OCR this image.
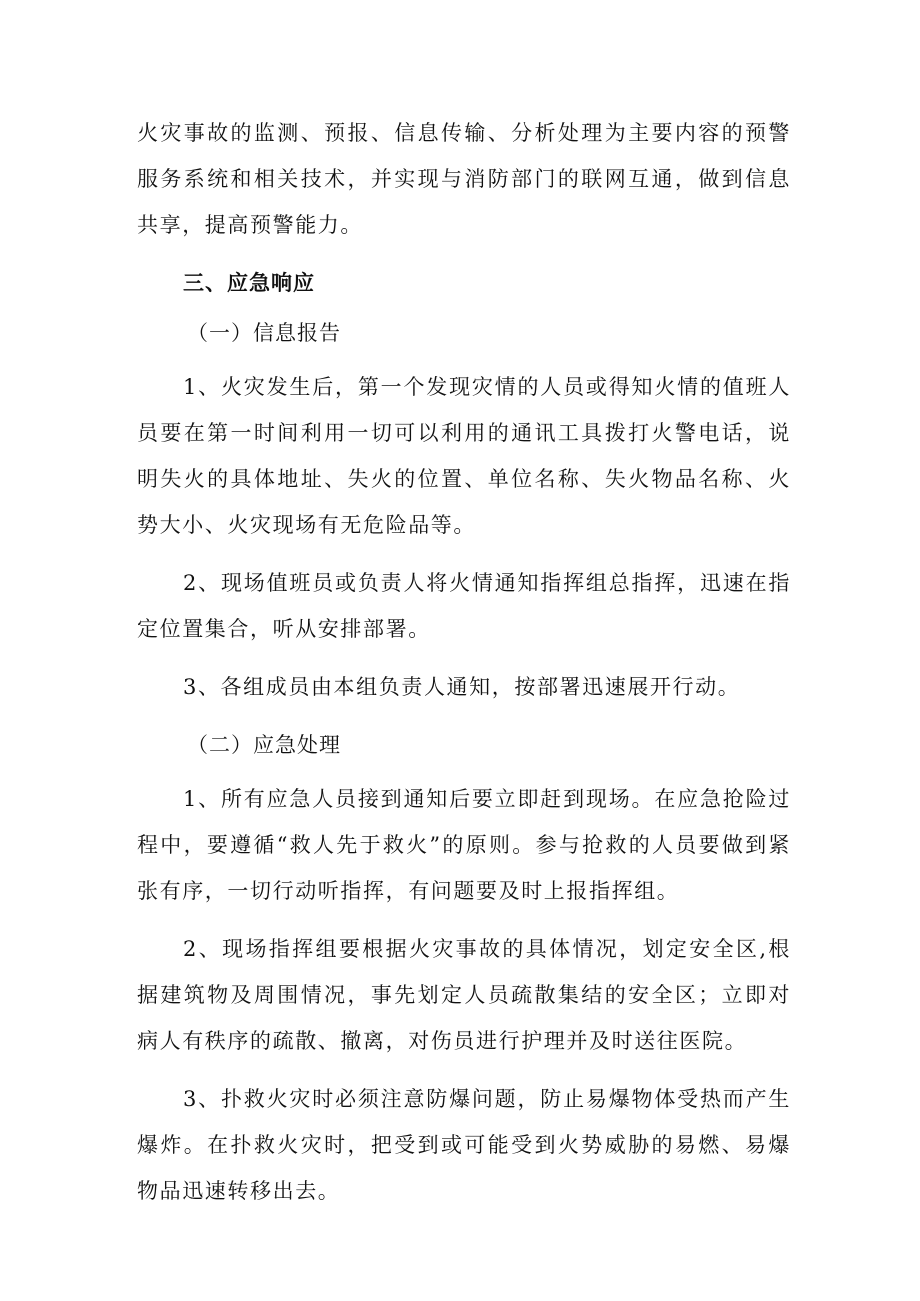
火灾事故的监测、预报、信息传输、分析处理为主要内容的预警服务系统和相关技术，并实现与消防部门的联网互通，做到信息共享，提高预警能力。

三、应急响应
（一）信息报告

1、火灾发生后，第一个发现灾情的人员或得知火情的值班人员要在第一时间利用一切可以利用的通讯工具拨打火警电话，说明失火的具体地址、失火的位置、单位名称、失火物品名称、火势大小、火灾现场有无危险品等。

2、现场值班员或负责人将火情通知指挥组总指挥，迅速在指定位置集合，听从安排部署。

3、各组成员由本组负责人通知，按部署迅速展开行动。

（二）应急处理

1、所有应急人员接到通知后要立即赶到现场。在应急抢险过程中，要遵循“救人先于救火”的原则。参与抢救的人员要做到紧张有序，一切行动听指挥，有问题要及时上报指挥组。

2、现场指挥组要根据火灾事故的具体情况，划定安全区,根据建筑物及周围情况，事先划定人员疏散集结的安全区；立即对病人有秩序的疏散、撤离，对伤员进行护理并及时送往医院。

3、扑救火灾时必须注意防爆问题，防止易爆物体受热而产生爆炸。在扑救火灾时，把受到或可能受到火势威胁的易燃、易爆物品迅速转移出去。
